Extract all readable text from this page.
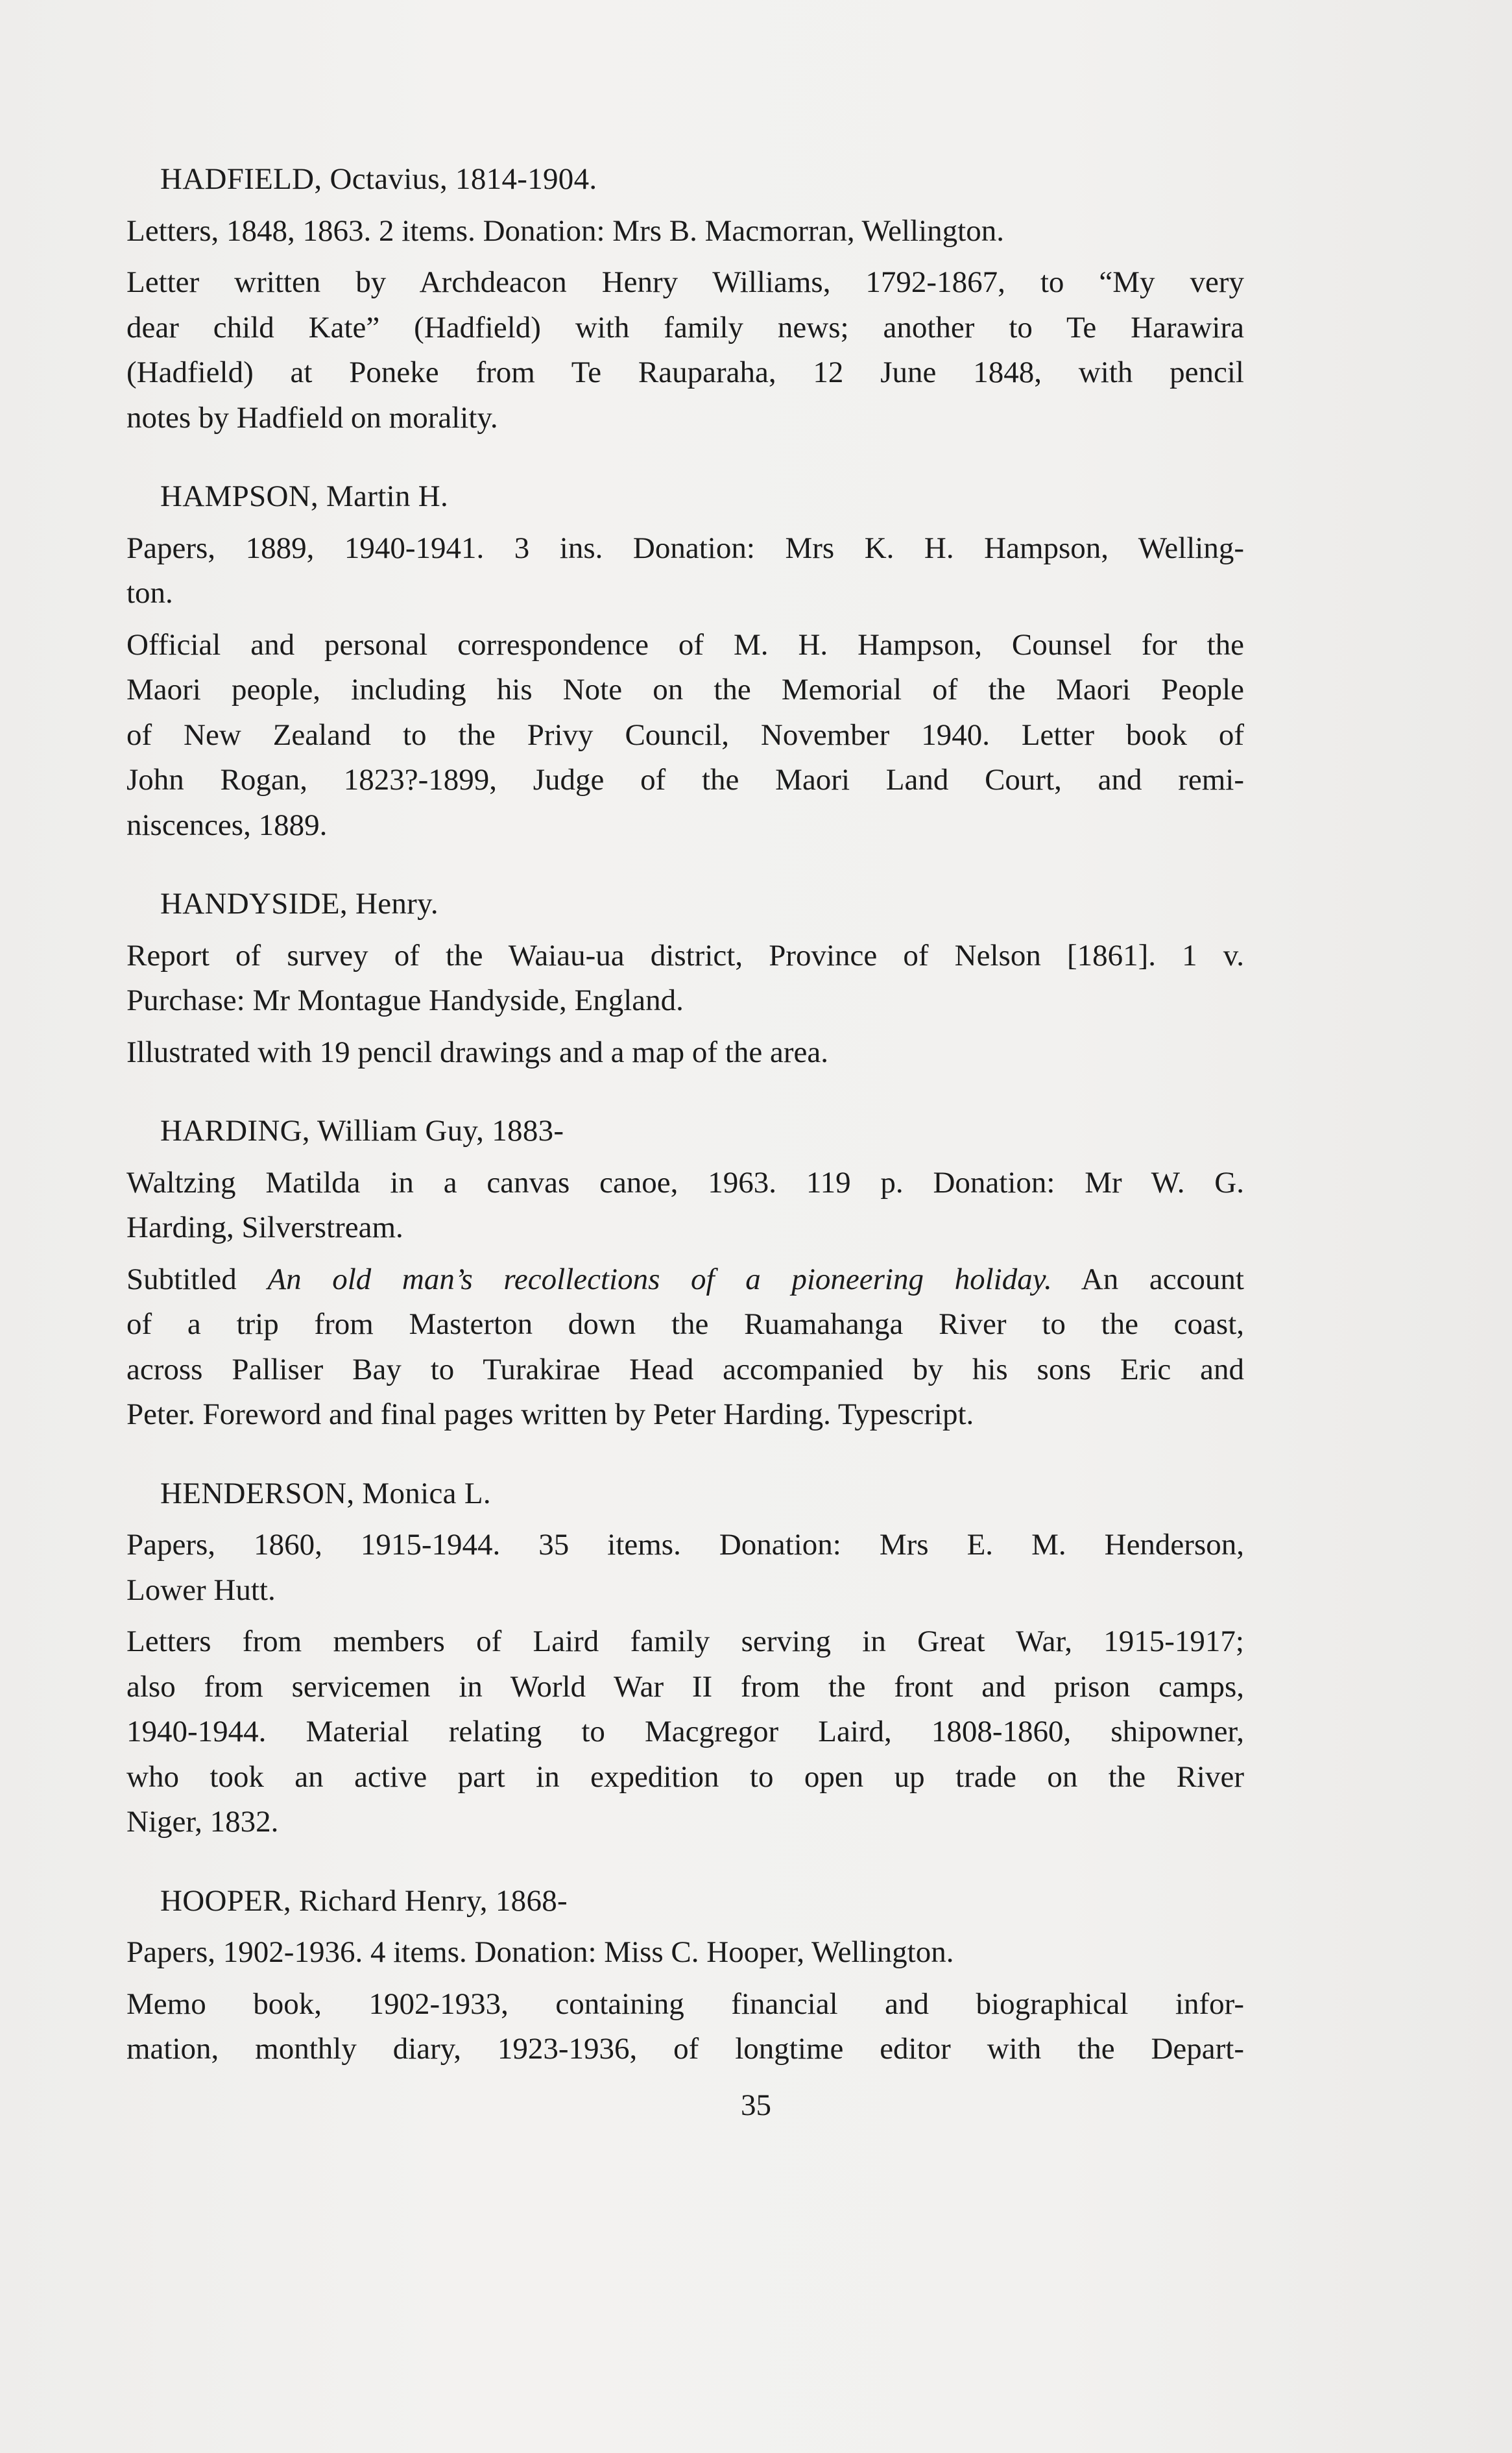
HADFIELD, Octavius, 1814-1904.

Letters, 1848, 1863. 2 items. Donation: Mrs B. Macmorran, Wellington.

Letter written by Archdeacon Henry Williams, 1792-1867, to “My very

dear child Kate” (Hadfield) with family news; another to Te Harawira

(Hadfield) at Poneke from Te Rauparaha, 12 June 1848, with pencil

notes by Hadfield on morality.

HAMPSON, Martin H.

Papers, 1889, 1940-1941. 3 ins. Donation: Mrs K. H. Hampson, Welling-

ton.

Official and personal correspondence of M. H. Hampson, Counsel for the

Maori people, including his Note on the Memorial of the Maori People

of New Zealand to the Privy Council, November 1940. Letter book of

John Rogan, 1823?-1899, Judge of the Maori Land Court, and remi-

niscences, 1889.

HANDYSIDE, Henry.

Report of survey of the Waiau-ua district, Province of Nelson [1861]. 1 v.

Purchase: Mr Montague Handyside, England.

Illustrated with 19 pencil drawings and a map of the area.

HARDING, William Guy, 1883-

Waltzing Matilda in a canvas canoe, 1963. 119 p. Donation: Mr W. G.

Harding, Silverstream.

Subtitled An old man’s recollections of a pioneering holiday. An account

of a trip from Masterton down the Ruamahanga River to the coast,

across Palliser Bay to Turakirae Head accompanied by his sons Eric and

Peter. Foreword and final pages written by Peter Harding. Typescript.

HENDERSON, Monica L.

Papers, 1860, 1915-1944. 35 items. Donation: Mrs E. M. Henderson,

Lower Hutt.

Letters from members of Laird family serving in Great War, 1915-1917;

also from servicemen in World War II from the front and prison camps,

1940-1944. Material relating to Macgregor Laird, 1808-1860, shipowner,

who took an active part in expedition to open up trade on the River

Niger, 1832.

HOOPER, Richard Henry, 1868-

Papers, 1902-1936. 4 items. Donation: Miss C. Hooper, Wellington.

Memo book, 1902-1933, containing financial and biographical infor-

mation, monthly diary, 1923-1936, of longtime editor with the Depart-

35
